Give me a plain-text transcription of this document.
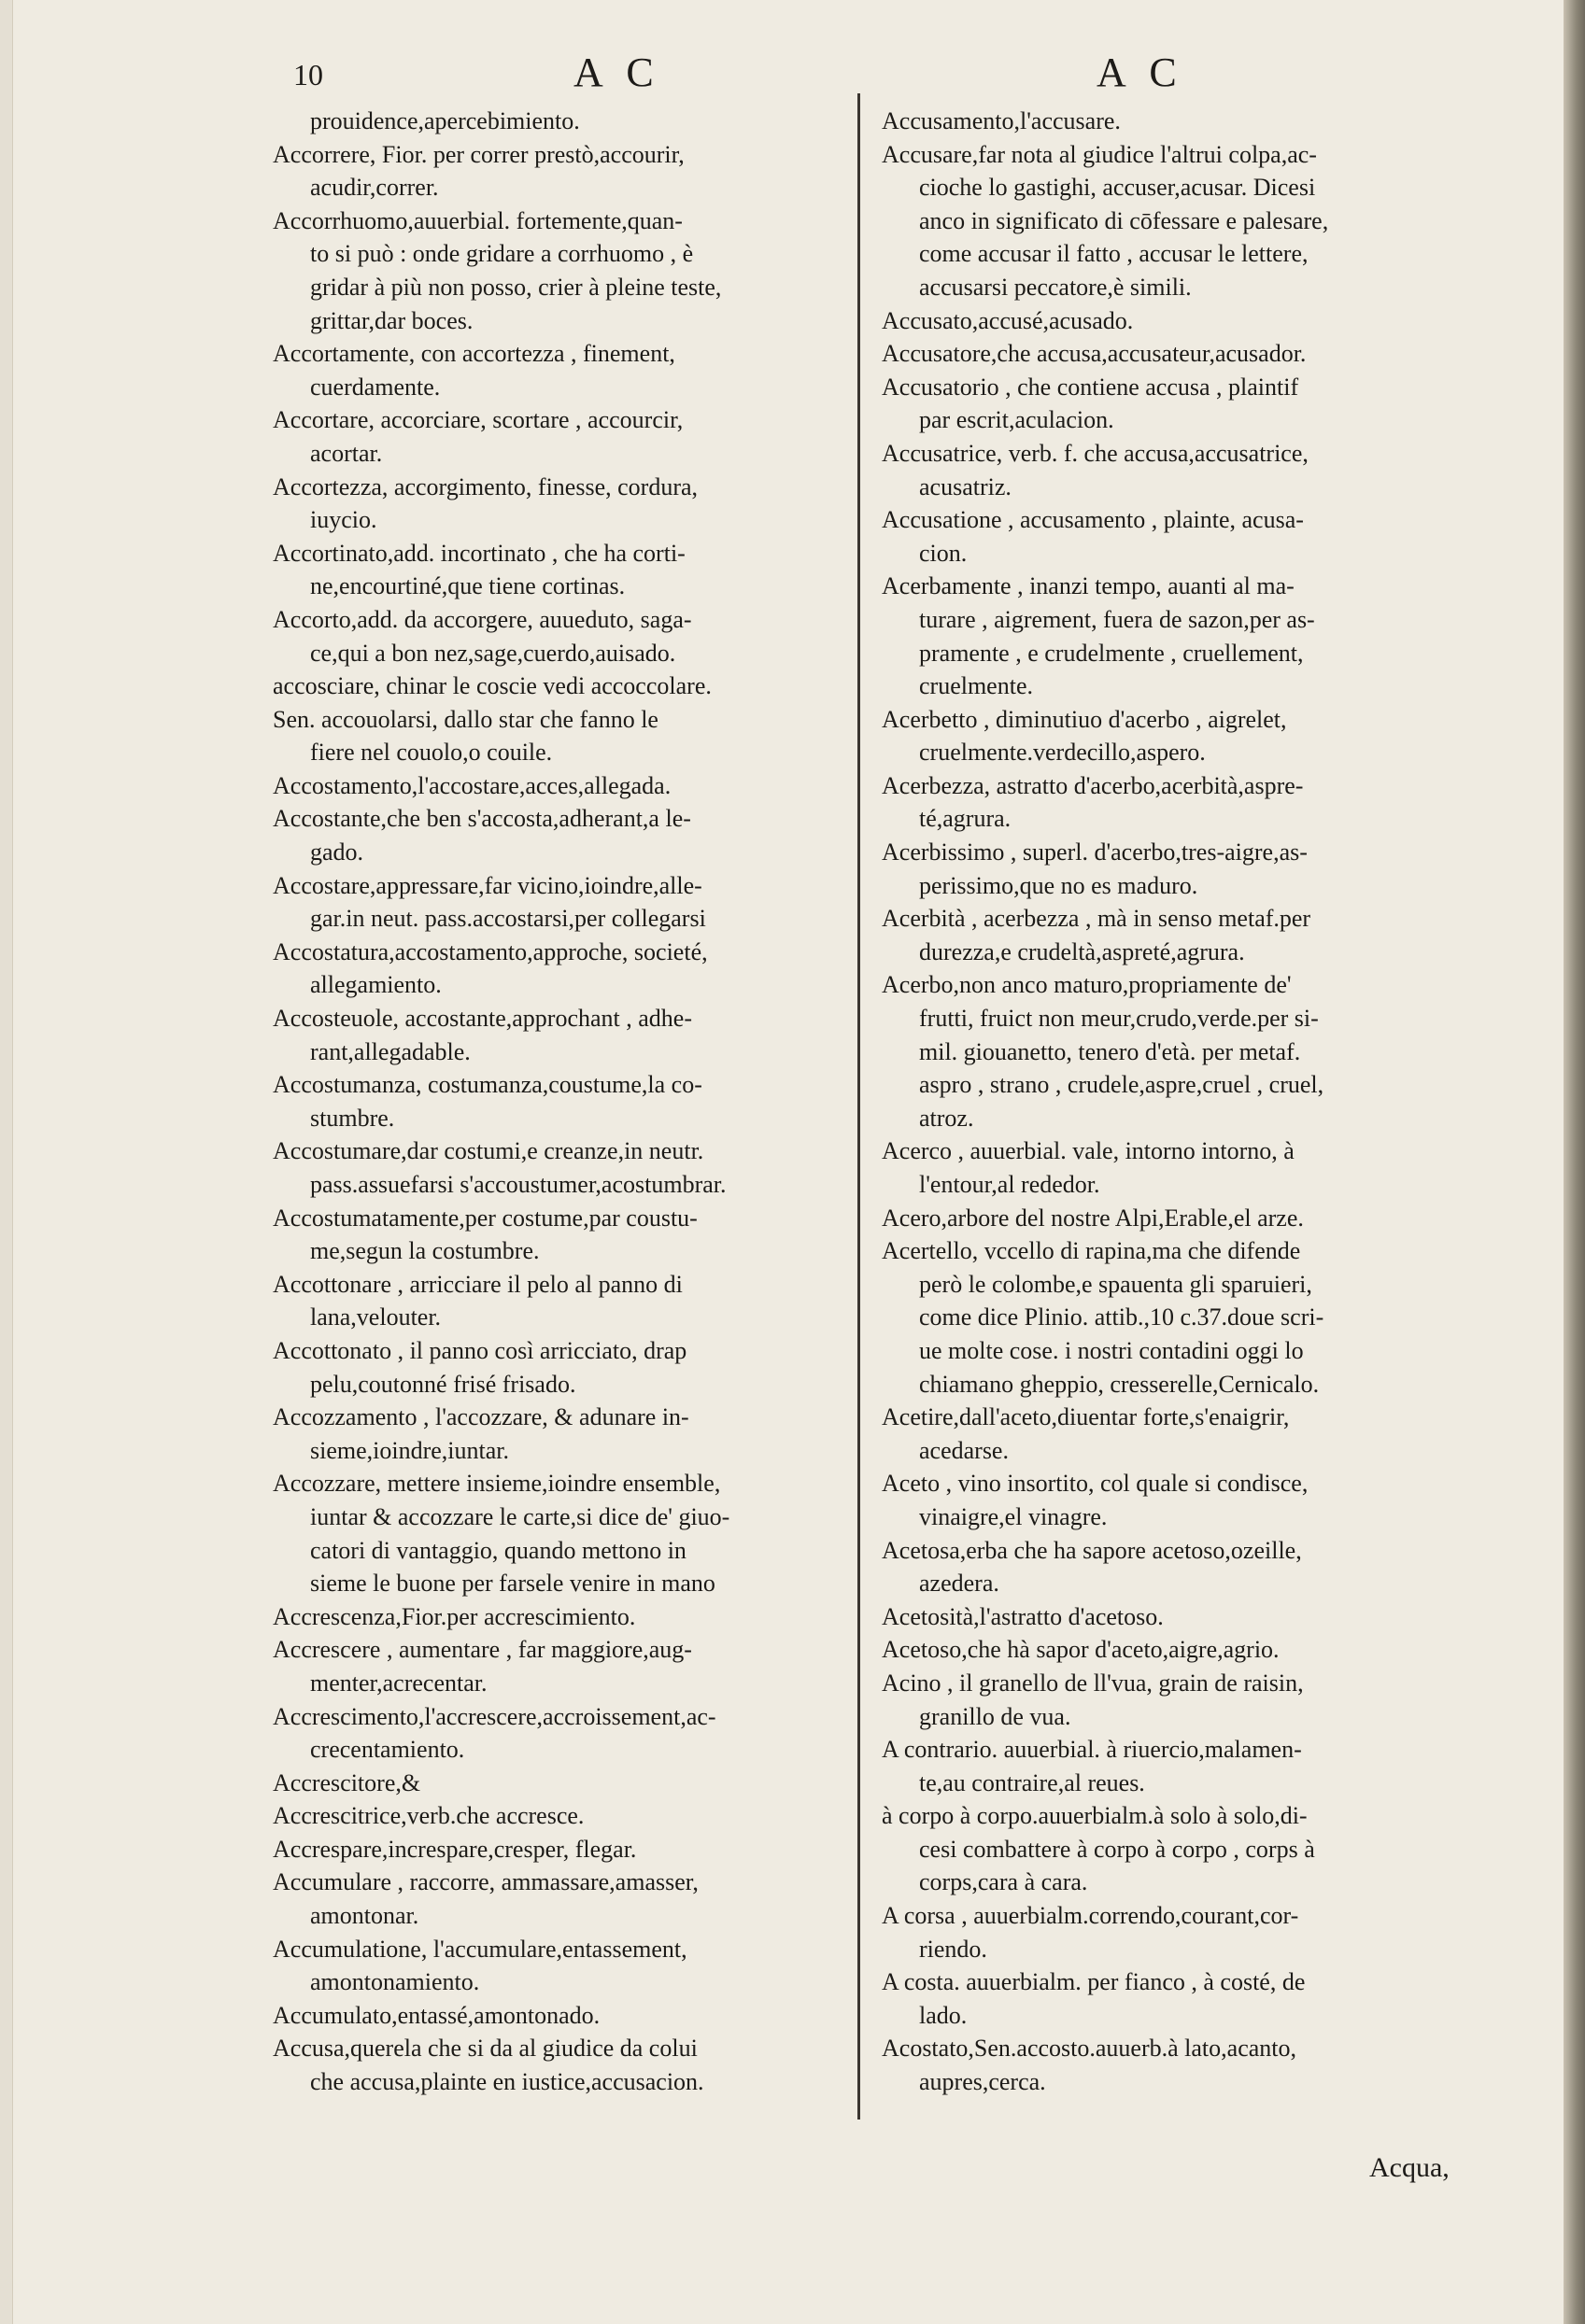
10	A C	A C
prouidence,apercebimiento.
Accorrere, Fior. per correr prestò,accourir,
acudir,correr.
Accorrhuomo,auuerbial. fortemente,quan-
to si può : onde gridare a corrhuomo , è
gridar à più non posso, crier à pleine teste,
grittar,dar boces.
Accortamente, con accortezza , finement,
cuerdamente.
Accortare, accorciare, scortare , accourcir,
acortar.
Accortezza, accorgimento, finesse, cordura,
iuycio.
Accortinato,add. incortinato , che ha corti-
ne,encourtiné,que tiene cortinas.
Accorto,add. da accorgere, auueduto, saga-
ce,qui a bon nez,sage,cuerdo,auisado.
accosciare, chinar le coscie vedi accoccolare.
Sen. accouolarsi, dallo star che fanno le
fiere nel couolo,o couile.
Accostamento,l'accostare,acces,allegada.
Accostante,che ben s'accosta,adherant,a le-
gado.
Accostare,appressare,far vicino,ioindre,alle-
gar.in neut. pass.accostarsi,per collegarsi
Accostatura,accostamento,approche, societé,
allegamiento.
Accosteuole, accostante,approchant , adhe-
rant,allegadable.
Accostumanza, costumanza,coustume,la co-
stumbre.
Accostumare,dar costumi,e creanze,in neutr.
pass.assuefarsi s'accoustumer,acostumbrar.
Accostumatamente,per costume,par coustu-
me,segun la costumbre.
Accottonare , arricciare il pelo al panno di
lana,velouter.
Accottonato , il panno così arricciato, drap
pelu,coutonné frisé frisado.
Accozzamento , l'accozzare, & adunare in-
sieme,ioindre,iuntar.
Accozzare, mettere insieme,ioindre ensemble,
iuntar & accozzare le carte,si dice de' giuo-
catori di vantaggio, quando mettono in
sieme le buone per farsele venire in mano
Accrescenza,Fior.per accrescimiento.
Accrescere , aumentare , far maggiore,aug-
menter,acrecentar.
Accrescimento,l'accrescere,accroissement,ac-
crecentamiento.
Accrescitore,&
Accrescitrice,verb.che accresce.
Accrespare,increspare,cresper, flegar.
Accumulare , raccorre, ammassare,amasser,
amontonar.
Accumulatione, l'accumulare,entassement,
amontonamiento.
Accumulato,entassé,amontonado.
Accusa,querela che si da al giudice da colui
che accusa,plainte en iustice,accusacion.
Accusamento,l'accusare.
Accusare,far nota al giudice l'altrui colpa,ac-
cioche lo gastighi, accuser,acusar. Dicesi
anco in significato di cōfessare e palesare,
come accusar il fatto , accusar le lettere,
accusarsi peccatore,è simili.
Accusato,accusé,acusado.
Accusatore,che accusa,accusateur,acusador.
Accusatorio , che contiene accusa , plaintif
par escrit,aculacion.
Accusatrice, verb. f. che accusa,accusatrice,
acusatriz.
Accusatione , accusamento , plainte, acusa-
cion.
Acerbamente , inanzi tempo, auanti al ma-
turare , aigrement, fuera de sazon,per as-
pramente , e crudelmente , cruellement,
cruelmente.
Acerbetto , diminutiuo d'acerbo , aigrelet,
cruelmente.verdecillo,aspero.
Acerbezza, astratto d'acerbo,acerbità,aspre-
té,agrura.
Acerbissimo , superl. d'acerbo,tres-aigre,as-
perissimo,que no es maduro.
Acerbità , acerbezza , mà in senso metaf.per
durezza,e crudeltà,aspreté,agrura.
Acerbo,non anco maturo,propriamente de'
frutti, fruict non meur,crudo,verde.per si-
mil. giouanetto, tenero d'età. per metaf.
aspro , strano , crudele,aspre,cruel , cruel,
atroz.
Acerco , auuerbial. vale, intorno intorno, à
l'entour,al rededor.
Acero,arbore del nostre Alpi,Erable,el arze.
Acertello, vccello di rapina,ma che difende
però le colombe,e spauenta gli sparuieri,
come dice Plinio. attib.,10 c.37.doue scri-
ue molte cose. i nostri contadini oggi lo
chiamano gheppio, cresserelle,Cernicalo.
Acetire,dall'aceto,diuentar forte,s'enaigrir,
acedarse.
Aceto , vino insortito, col quale si condisce,
vinaigre,el vinagre.
Acetosa,erba che ha sapore acetoso,ozeille,
azedera.
Acetosità,l'astratto d'acetoso.
Acetoso,che hà sapor d'aceto,aigre,agrio.
Acino , il granello de ll'vua, grain de raisin,
granillo de vua.
A contrario. auuerbial. à riuercio,malamen-
te,au contraire,al reues.
à corpo à corpo.auuerbialm.à solo à solo,di-
cesi combattere à corpo à corpo , corps à
corps,cara à cara.
A corsa , auuerbialm.correndo,courant,cor-
riendo.
A costa. auuerbialm. per fianco , à costé, de
lado.
Acostato,Sen.accosto.auuerb.à lato,acanto,
aupres,cerca.
Acqua,
